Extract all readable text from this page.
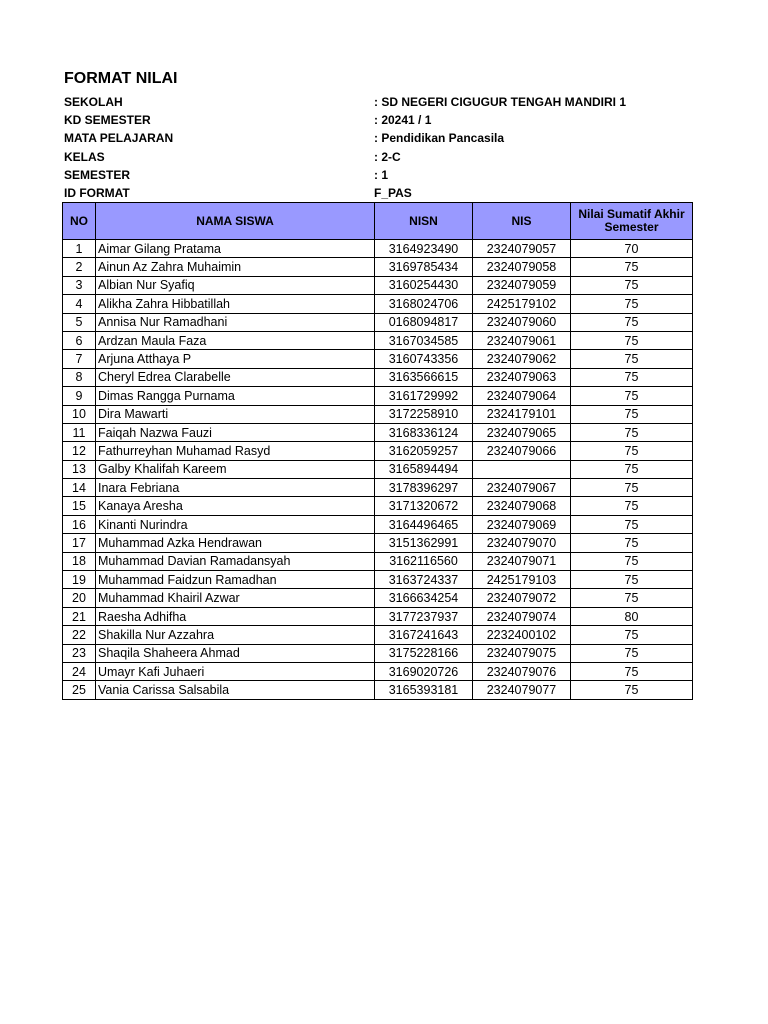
FORMAT NILAI
SEKOLAH	: SD NEGERI CIGUGUR TENGAH MANDIRI 1
KD SEMESTER	: 20241 / 1
MATA PELAJARAN	: Pendidikan Pancasila
KELAS	: 2-C
SEMESTER	: 1
ID FORMAT	F_PAS
NO	NAMA SISWA	NISN	NIS	Nilai Sumatif Akhir Semester
1	Aimar Gilang Pratama	3164923490	2324079057	70
2	Ainun Az Zahra Muhaimin	3169785434	2324079058	75
3	Albian Nur Syafiq	3160254430	2324079059	75
4	Alikha Zahra Hibbatillah	3168024706	2425179102	75
5	Annisa Nur Ramadhani	0168094817	2324079060	75
6	Ardzan Maula Faza	3167034585	2324079061	75
7	Arjuna Atthaya P	3160743356	2324079062	75
8	Cheryl Edrea Clarabelle	3163566615	2324079063	75
9	Dimas Rangga Purnama	3161729992	2324079064	75
10	Dira Mawarti	3172258910	2324179101	75
11	Faiqah Nazwa Fauzi	3168336124	2324079065	75
12	Fathurreyhan Muhamad Rasyd	3162059257	2324079066	75
13	Galby Khalifah Kareem	3165894494		75
14	Inara Febriana	3178396297	2324079067	75
15	Kanaya Aresha	3171320672	2324079068	75
16	Kinanti Nurindra	3164496465	2324079069	75
17	Muhammad Azka Hendrawan	3151362991	2324079070	75
18	Muhammad Davian Ramadansyah	3162116560	2324079071	75
19	Muhammad Faidzun Ramadhan	3163724337	2425179103	75
20	Muhammad Khairil Azwar	3166634254	2324079072	75
21	Raesha Adhifha	3177237937	2324079074	80
22	Shakilla Nur Azzahra	3167241643	2232400102	75
23	Shaqila Shaheera Ahmad	3175228166	2324079075	75
24	Umayr Kafi Juhaeri	3169020726	2324079076	75
25	Vania Carissa Salsabila	3165393181	2324079077	75
